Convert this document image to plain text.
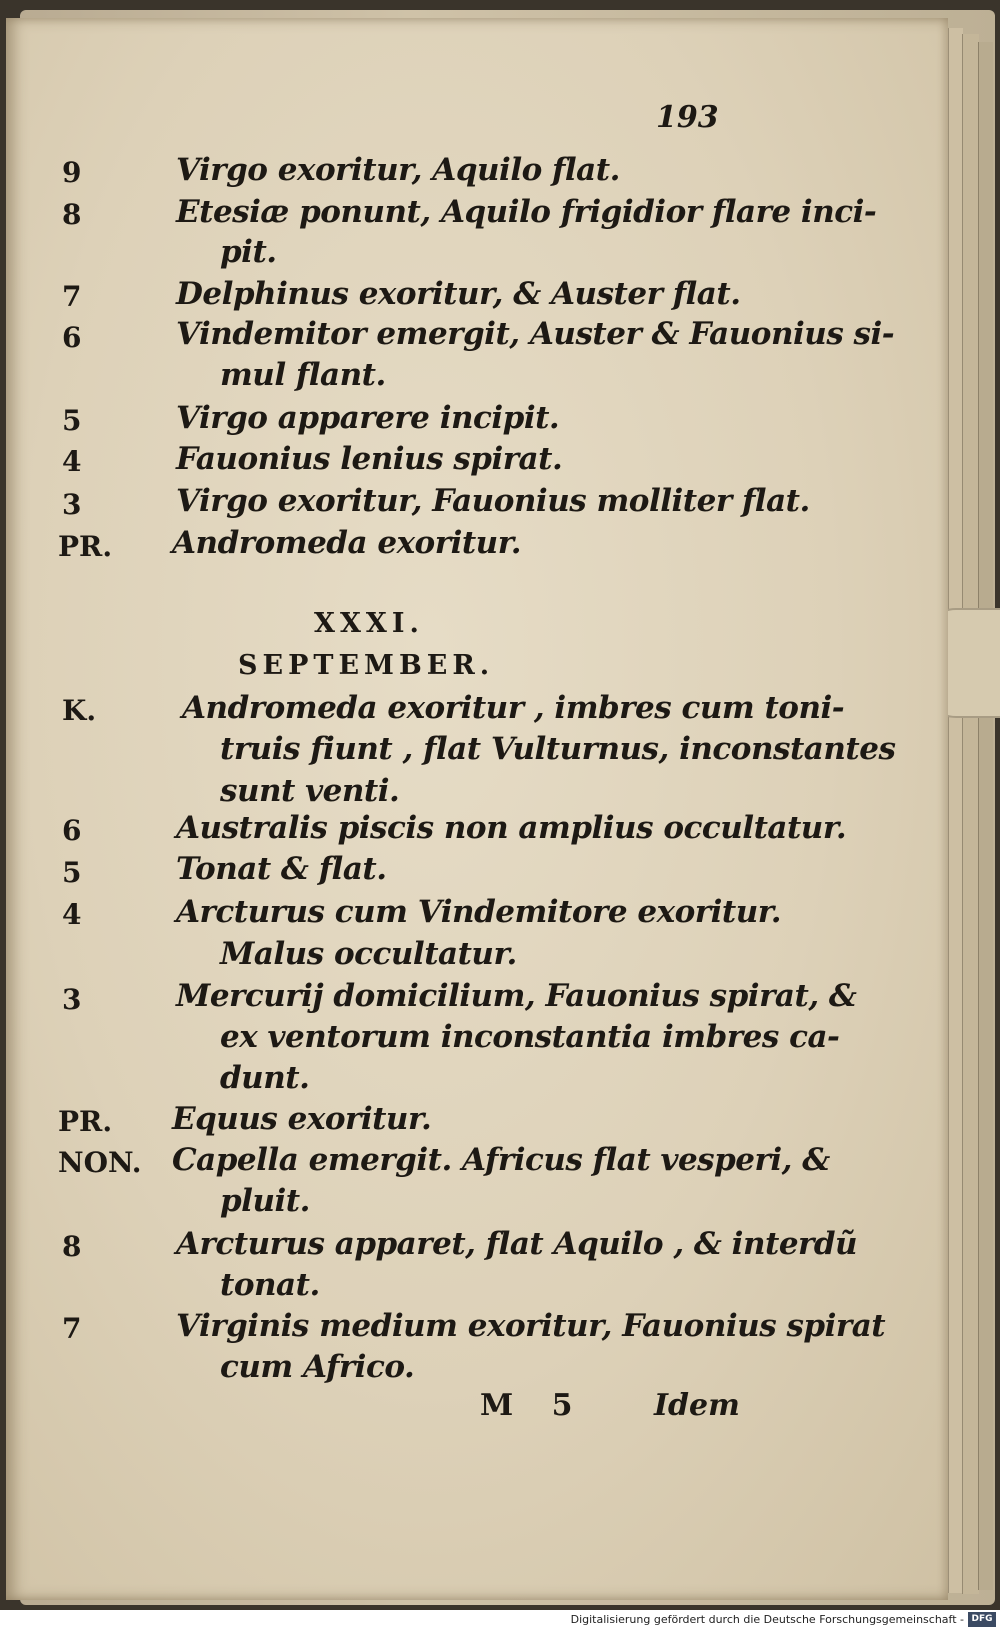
193
9	Virgo exoritur, Aquilo flat.
8	Etesiæ ponunt, Aquilo frigidior flare inci-
pit.
7	Delphinus exoritur, & Auster flat.
6	Vindemitor emergit, Auster & Fauonius si-
mul flant.
5	Virgo apparere incipit.
4	Fauonius lenius spirat.
3	Virgo exoritur, Fauonius molliter flat.
PR. Andromeda exoritur.
XXXI.
SEPTEMBER.
K.	Andromeda exoritur , imbres cum toni-
truis fiunt , flat Vulturnus, inconstantes
sunt venti.
6	Australis piscis non amplius occultatur.
5	Tonat & flat.
4	Arcturus cum Vindemitore exoritur.
Malus occultatur.
3	Mercurij domicilium, Fauonius spirat, &
ex ventorum inconstantia imbres ca-
dunt.
PR. Equus exoritur.
NON. Capella emergit. Africus flat vesperi, &
pluit.
8	Arcturus apparet, flat Aquilo , & interdũ
tonat.
7	Virginis medium exoritur, Fauonius spirat
cum Africo.
M 5 Idem
Digitalisierung gefördert durch die Deutsche Forschungsgemeinschaft - DFG
